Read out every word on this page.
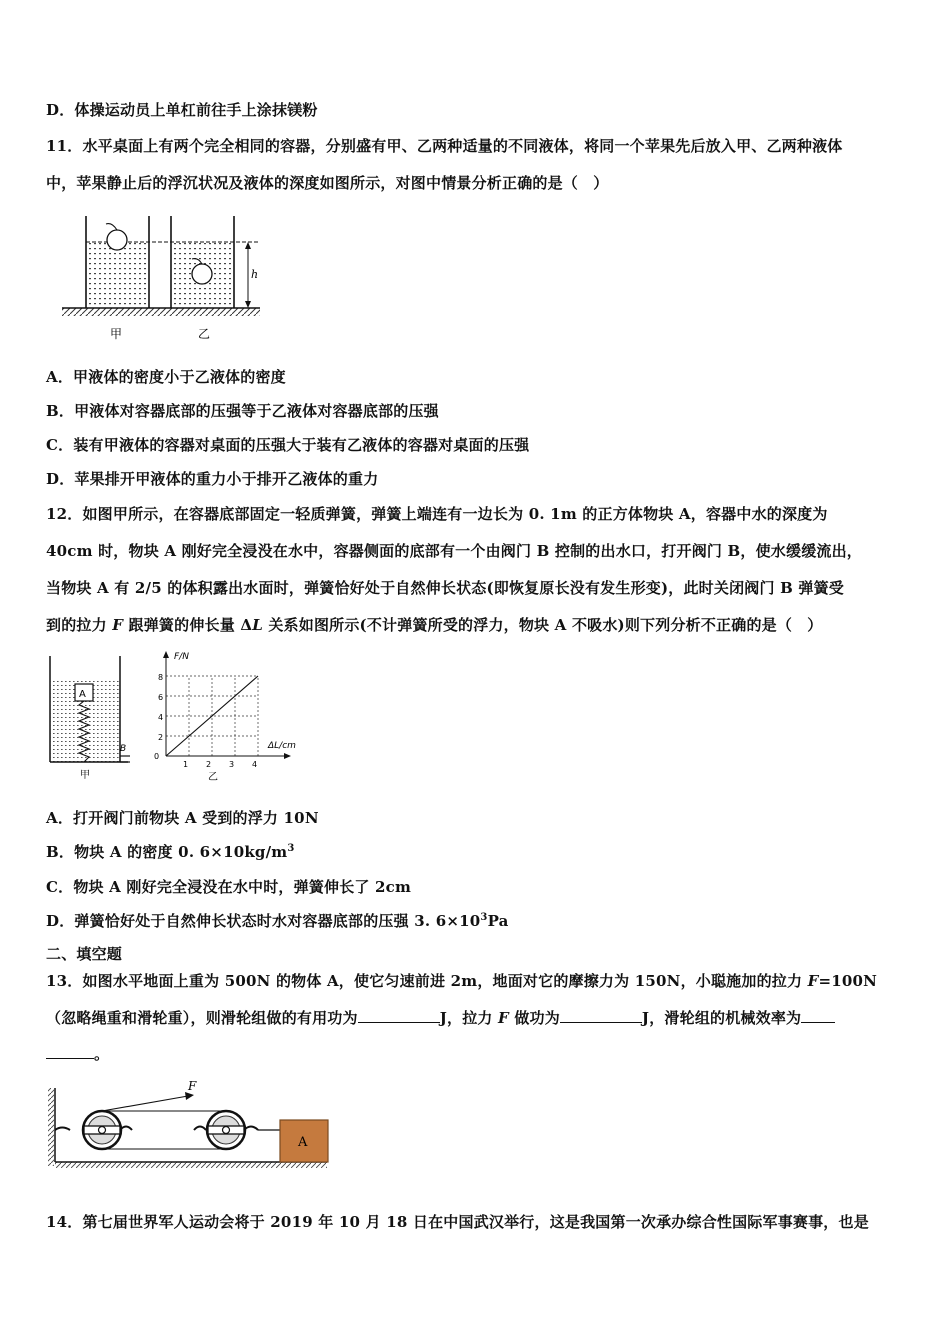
D．体操运动员上单杠前往手上涂抹镁粉
11．水平桌面上有两个完全相同的容器，分别盛有甲、乙两种适量的不同液体，将同一个苹果先后放入甲、乙两种液体
中，苹果静止后的浮沉状况及液体的深度如图所示，对图中情景分析正确的是（　）
h
甲	乙
A．甲液体的密度小于乙液体的密度
B．甲液体对容器底部的压强等于乙液体对容器底部的压强
C．装有甲液体的容器对桌面的压强大于装有乙液体的容器对桌面的压强
D．苹果排开甲液体的重力小于排开乙液体的重力
12．如图甲所示，在容器底部固定一轻质弹簧，弹簧上端连有一边长为 0. 1m 的正方体物块 A，容器中水的深度为
40cm 时，物块 A 刚好完全浸没在水中，容器侧面的底部有一个由阀门 B 控制的出水口，打开阀门 B，使水缓缓流出，
当物块 A 有 2/5 的体积露出水面时，弹簧恰好处于自然伸长状态(即恢复原长没有发生形变)，此时关闭阀门 B 弹簧受
到的拉力 F 跟弹簧的伸长量 ΔL 关系如图所示(不计弹簧所受的浮力，物块 A 不吸水)则下列分析不正确的是（　）
A
B
甲
F/N
ΔL/cm
0
2
4
6
8
1 2 3 4
乙
A．打开阀门前物块 A 受到的浮力 10N
B．物块 A 的密度 0. $6\times 10kg/m^3$
C．物块 A 刚好完全浸没在水中时，弹簧伸长了 2cm
D．弹簧恰好处于自然伸长状态时水对容器底部的压强 3. $6\times 10^3Pa$
二、填空题
13．如图水平地面上重为 500N 的物体 A，使它匀速前进 2m，地面对它的摩擦力为 150N，小聪施加的拉力 F=100N
（忽略绳重和滑轮重），则滑轮组做的有用功为	J，拉力 F 做功为	J，滑轮组的机械效率为
。
F
A
14．第七届世界军人运动会将于 2019 年 10 月 18 日在中国武汉举行，这是我国第一次承办综合性国际军事赛事，也是
